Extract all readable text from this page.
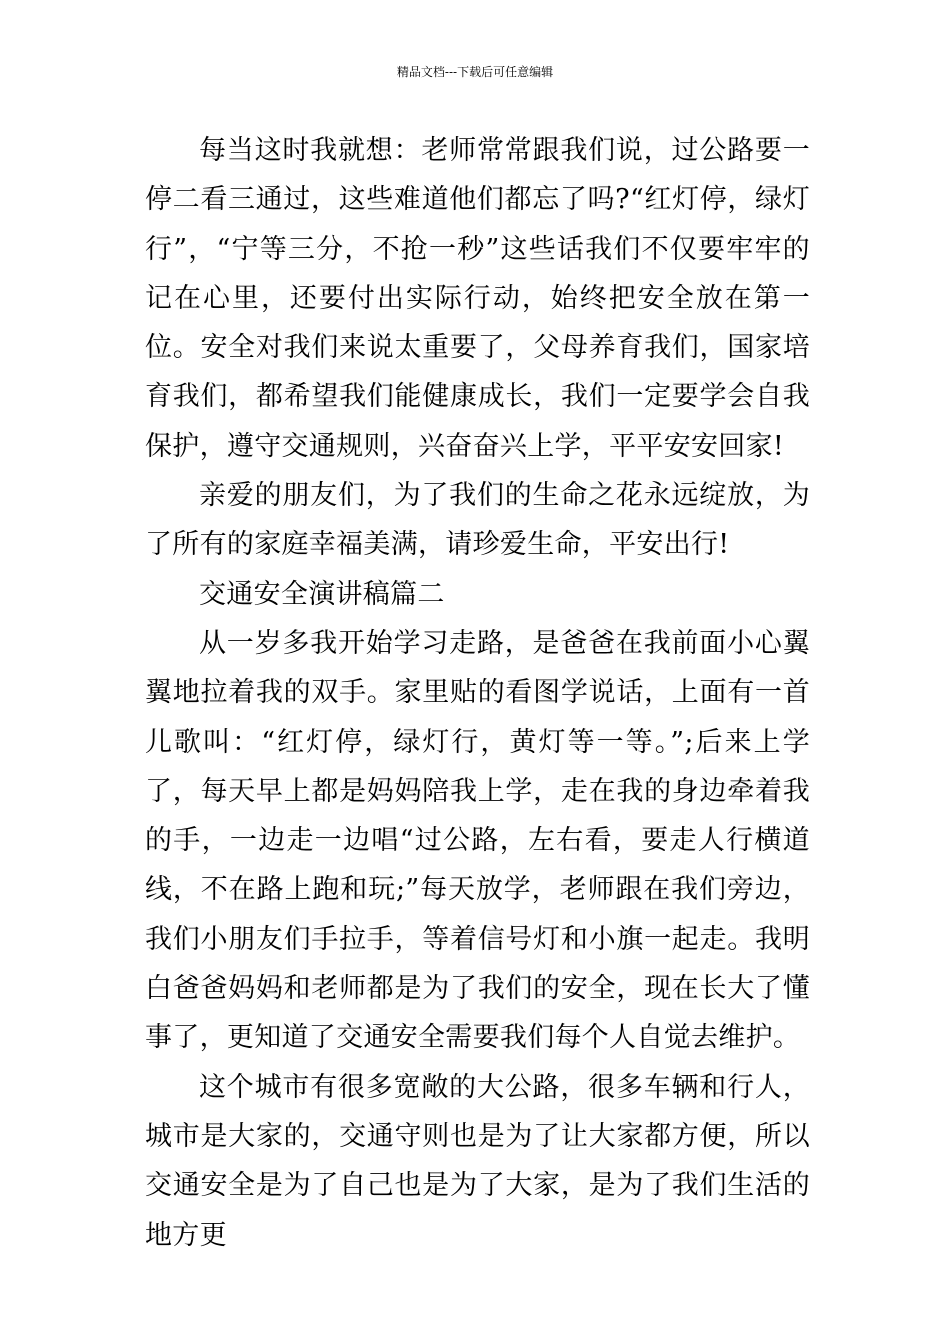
精品文档---下载后可任意编辑

每当这时我就想：老师常常跟我们说，过公路要一停二看三通过，这些难道他们都忘了吗?“红灯停，绿灯行”，“宁等三分，不抢一秒”这些话我们不仅要牢牢的记在心里，还要付出实际行动，始终把安全放在第一位。安全对我们来说太重要了，父母养育我们，国家培育我们，都希望我们能健康成长，我们一定要学会自我保护，遵守交通规则，兴奋奋兴上学，平平安安回家!

亲爱的朋友们，为了我们的生命之花永远绽放，为了所有的家庭幸福美满，请珍爱生命，平安出行!

交通安全演讲稿篇二

从一岁多我开始学习走路，是爸爸在我前面小心翼翼地拉着我的双手。家里贴的看图学说话，上面有一首儿歌叫：“红灯停，绿灯行，黄灯等一等。”;后来上学了，每天早上都是妈妈陪我上学，走在我的身边牵着我的手，一边走一边唱“过公路，左右看，要走人行横道线，不在路上跑和玩;”每天放学，老师跟在我们旁边，我们小朋友们手拉手，等着信号灯和小旗一起走。我明白爸爸妈妈和老师都是为了我们的安全，现在长大了懂事了，更知道了交通安全需要我们每个人自觉去维护。

这个城市有很多宽敞的大公路，很多车辆和行人，城市是大家的，交通守则也是为了让大家都方便，所以交通安全是为了自己也是为了大家，是为了我们生活的地方更
